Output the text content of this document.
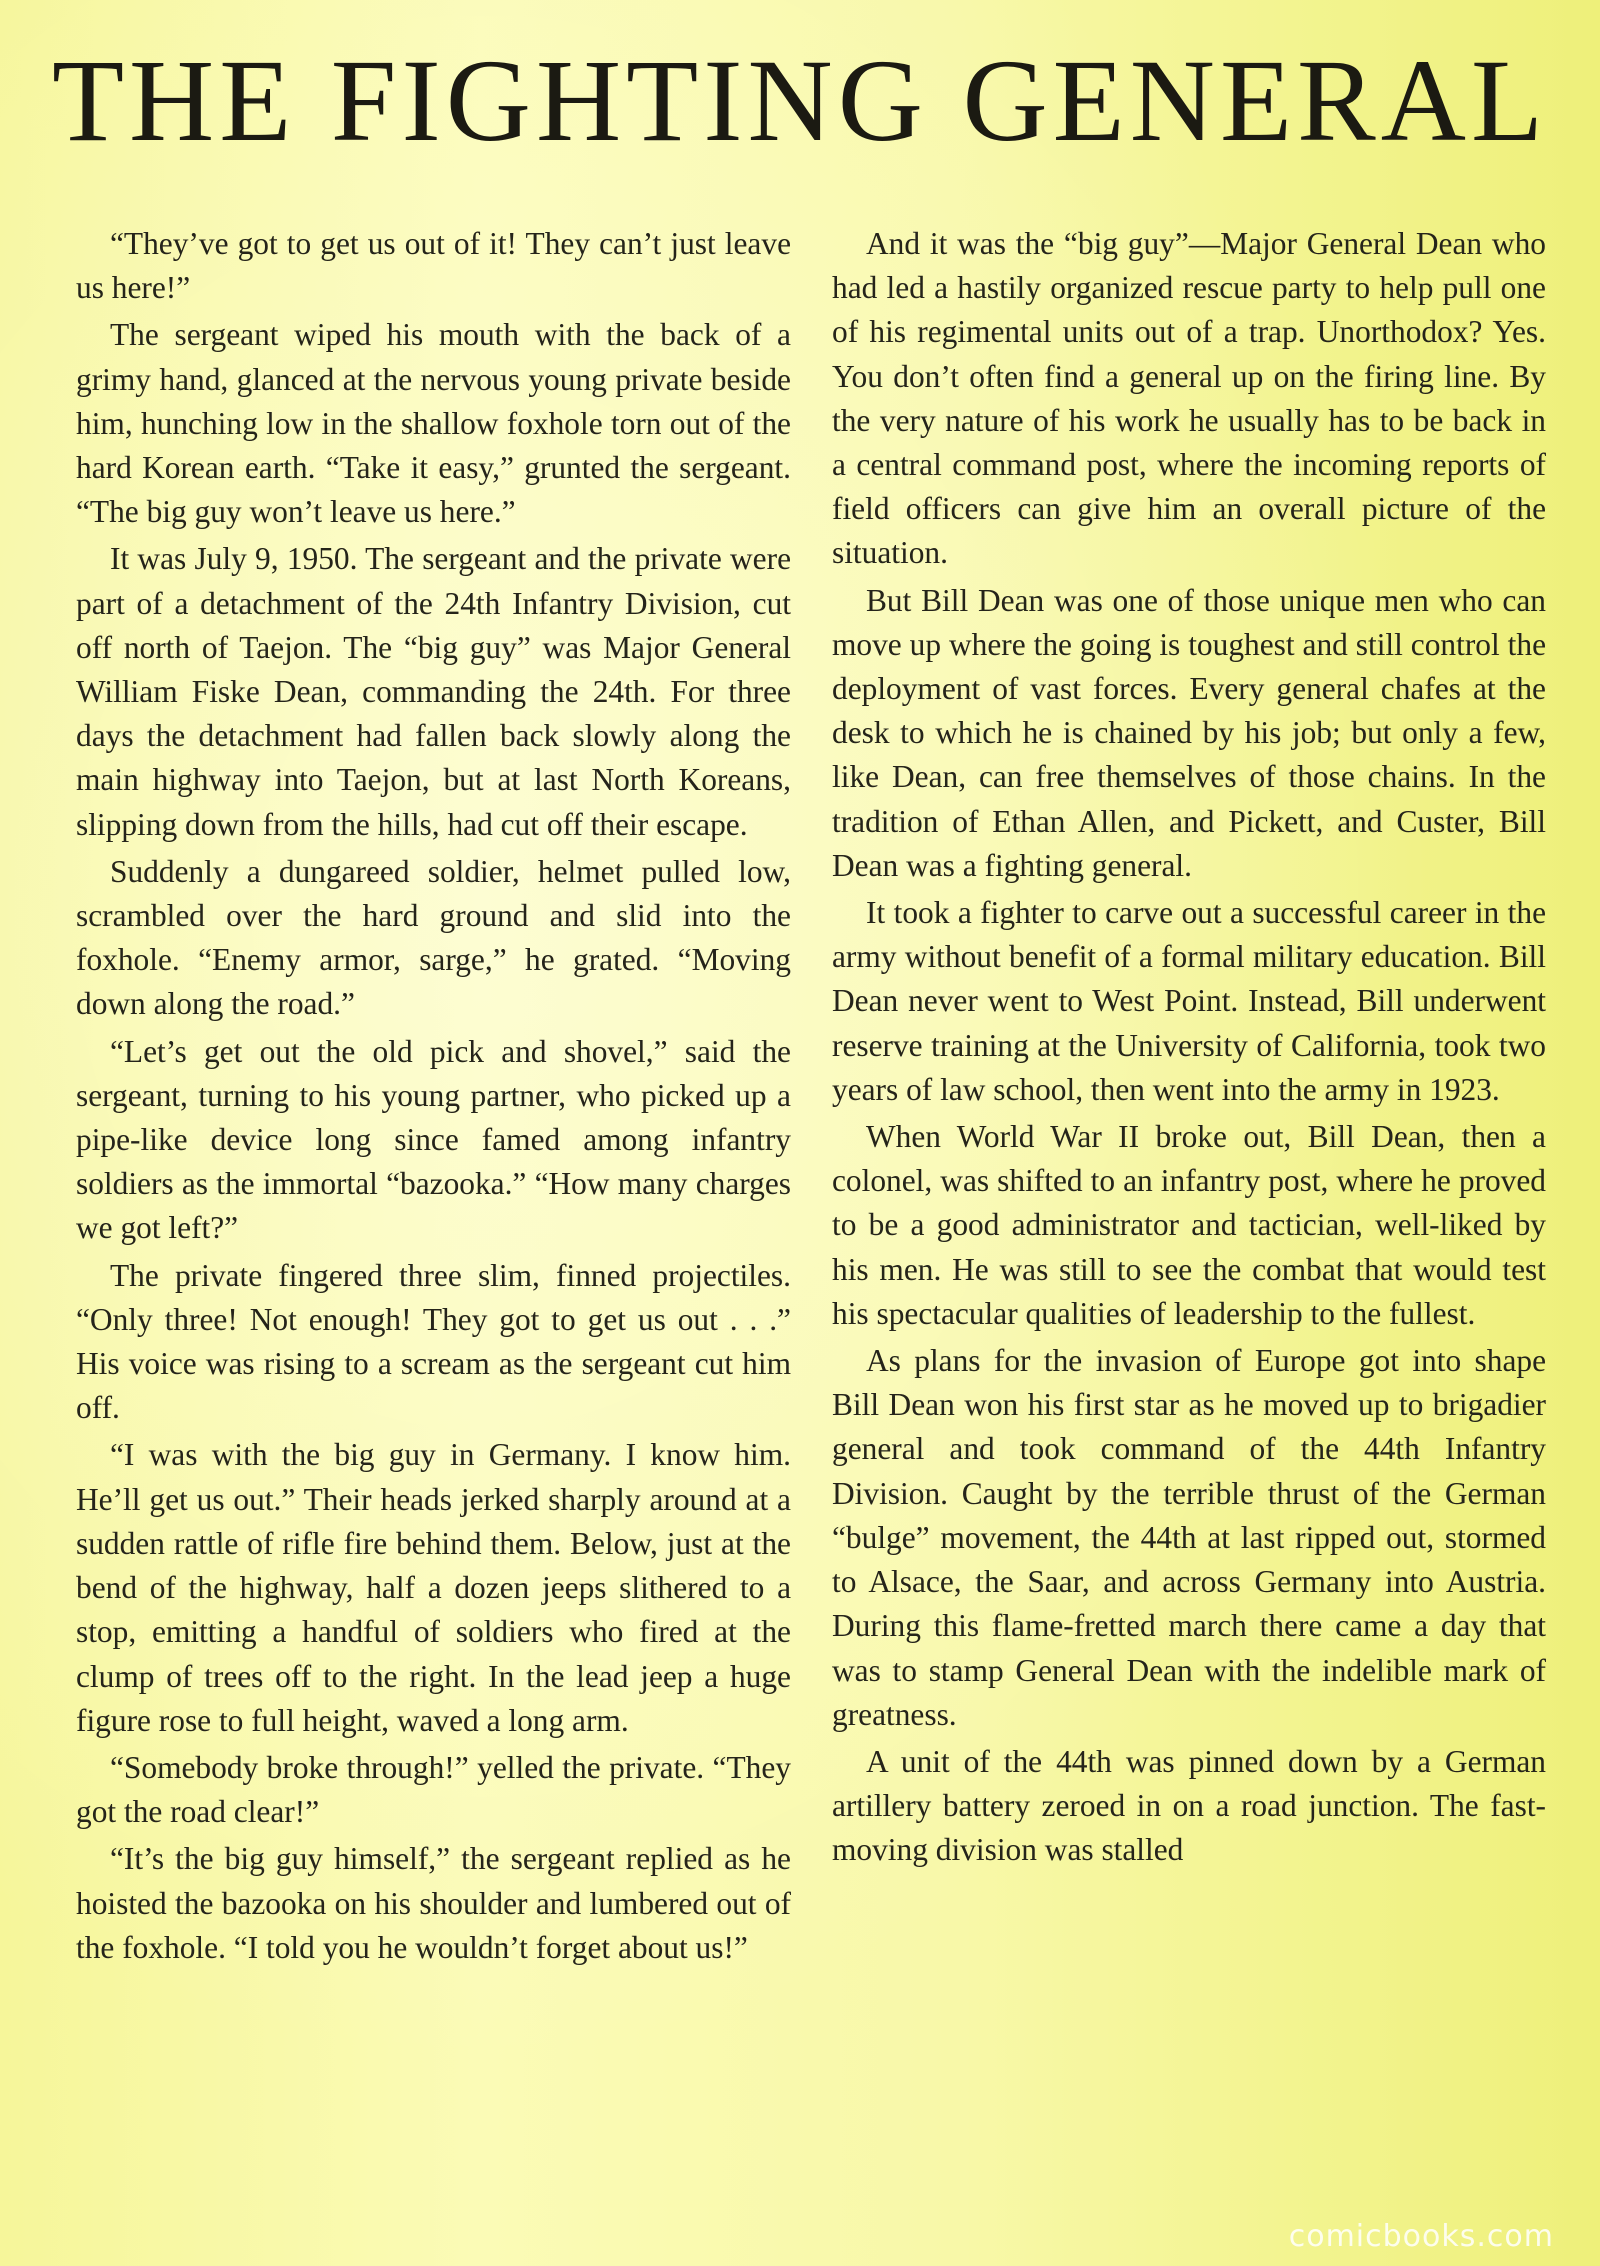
THE FIGHTING GENERAL

“They’ve got to get us out of it! They can’t just leave us here!”

The sergeant wiped his mouth with the back of a grimy hand, glanced at the nervous young private beside him, hunching low in the shallow foxhole torn out of the hard Korean earth. “Take it easy,” grunted the sergeant. “The big guy won’t leave us here.”

It was July 9, 1950. The sergeant and the private were part of a detachment of the 24th Infantry Division, cut off north of Taejon. The “big guy” was Major General William Fiske Dean, commanding the 24th. For three days the detachment had fallen back slowly along the main highway into Taejon, but at last North Koreans, slipping down from the hills, had cut off their escape.

Suddenly a dungareed soldier, helmet pulled low, scrambled over the hard ground and slid into the foxhole. “Enemy armor, sarge,” he grated. “Moving down along the road.”

“Let’s get out the old pick and shovel,” said the sergeant, turning to his young partner, who picked up a pipe-like device long since famed among infantry soldiers as the immortal “bazooka.” “How many charges we got left?”

The private fingered three slim, finned projectiles. “Only three! Not enough! They got to get us out . . .” His voice was rising to a scream as the sergeant cut him off.

“I was with the big guy in Germany. I know him. He’ll get us out.” Their heads jerked sharply around at a sudden rattle of rifle fire behind them. Below, just at the bend of the highway, half a dozen jeeps slithered to a stop, emitting a handful of soldiers who fired at the clump of trees off to the right. In the lead jeep a huge figure rose to full height, waved a long arm.

“Somebody broke through!” yelled the private. “They got the road clear!”

“It’s the big guy himself,” the sergeant replied as he hoisted the bazooka on his shoulder and lumbered out of the foxhole. “I told you he wouldn’t forget about us!”

And it was the “big guy”—Major General Dean who had led a hastily organized rescue party to help pull one of his regimental units out of a trap. Unorthodox? Yes. You don’t often find a general up on the firing line. By the very nature of his work he usually has to be back in a central command post, where the incoming reports of field officers can give him an overall picture of the situation.

But Bill Dean was one of those unique men who can move up where the going is toughest and still control the deployment of vast forces. Every general chafes at the desk to which he is chained by his job; but only a few, like Dean, can free themselves of those chains. In the tradition of Ethan Allen, and Pickett, and Custer, Bill Dean was a fighting general.

It took a fighter to carve out a successful career in the army without benefit of a formal military education. Bill Dean never went to West Point. Instead, Bill underwent reserve training at the University of California, took two years of law school, then went into the army in 1923.

When World War II broke out, Bill Dean, then a colonel, was shifted to an infantry post, where he proved to be a good administrator and tactician, well-liked by his men. He was still to see the combat that would test his spectacular qualities of leadership to the fullest.

As plans for the invasion of Europe got into shape Bill Dean won his first star as he moved up to brigadier general and took command of the 44th Infantry Division. Caught by the terrible thrust of the German “bulge” movement, the 44th at last ripped out, stormed to Alsace, the Saar, and across Germany into Austria. During this flame-fretted march there came a day that was to stamp General Dean with the indelible mark of greatness.

A unit of the 44th was pinned down by a German artillery battery zeroed in on a road junction. The fast-moving division was stalled

comicbooks.com
